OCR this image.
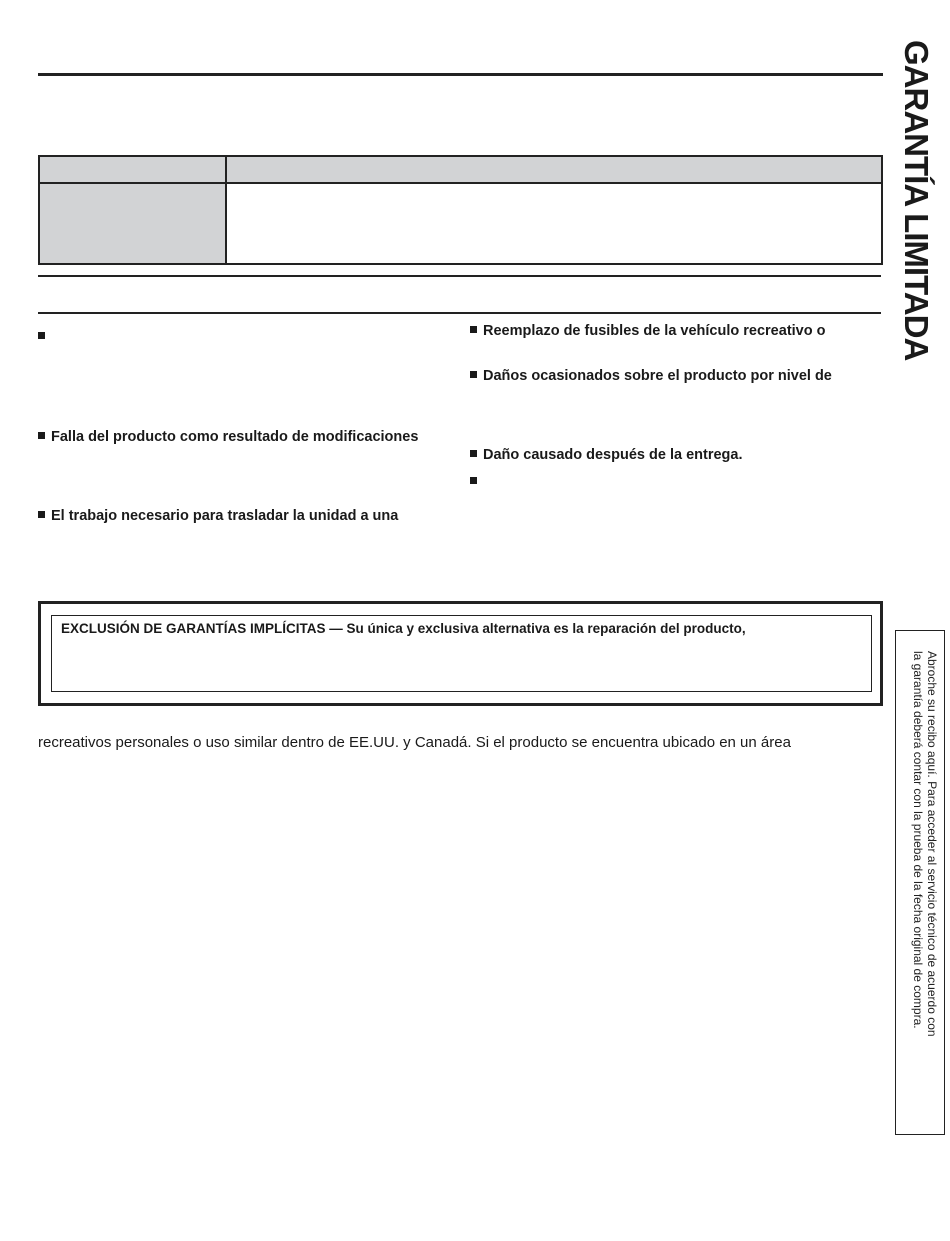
Falla del producto como resultado de modificaciones
El trabajo necesario para trasladar la unidad a una
Reemplazo de fusibles de la vehículo recreativo o
Daños ocasionados sobre el producto por nivel de
Daño causado después de la entrega.
EXCLUSIÓN DE GARANTÍAS IMPLÍCITAS — Su única y exclusiva alternativa es la reparación del producto,
recreativos personales o uso similar dentro de EE.UU. y Canadá. Si el producto se encuentra ubicado en un área
GARANTÍA LIMITADA
Abroche su recibo aquí. Para acceder al servicio técnico de acuerdo con
la garantía deberá contar con la prueba de la fecha original de compra.
